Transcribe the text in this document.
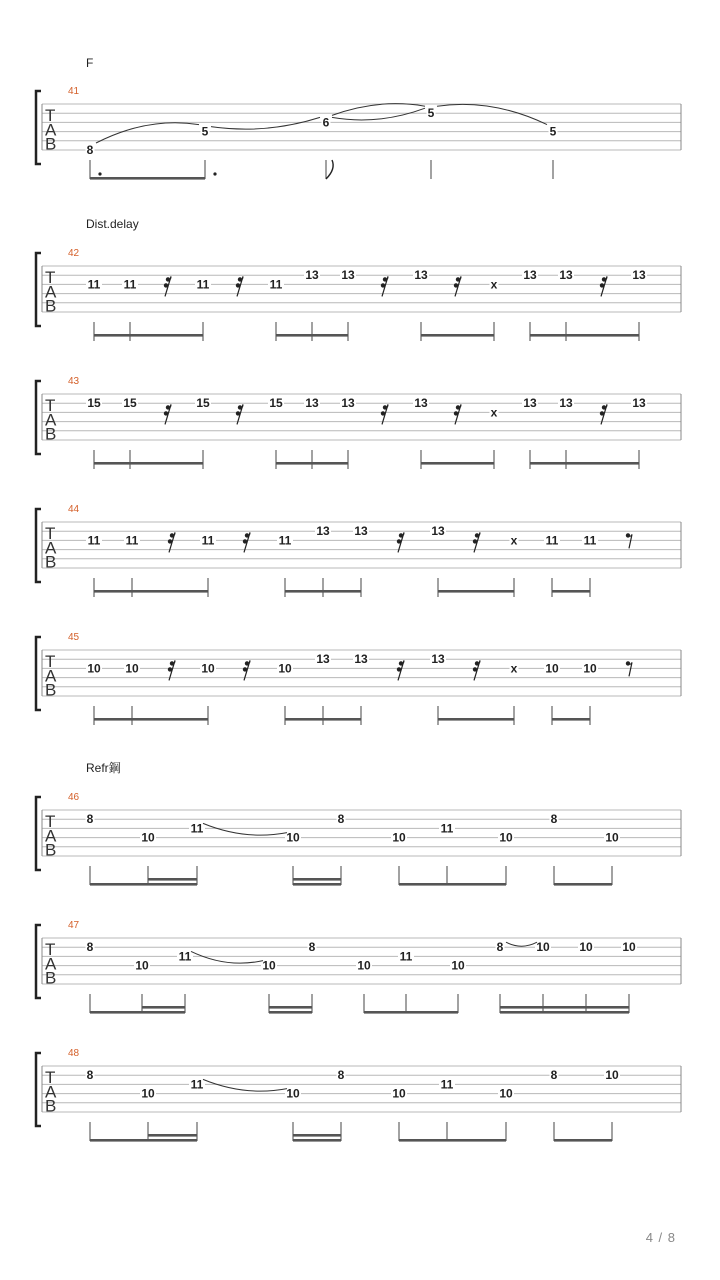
F
41
T
A
B	8
5
6
5
5
Dist.delay
42
T
A
B
11 11	11	11
13 13	13
x
13 13	13
43
T
A
B
15 15	15	15 13 13	13
x
13 13	13
44
T
A
B
11 11	11	11
13 13	13
x 11 11
45
T
A
B
10 10	10	10
13 13	13
x 10 10
Refr鋼
46
T
A
B
8
10
11
10
8
10
11
10
8
10
47
T
A
B
8
10
11
10
8
10
11
10
8	10 10 10
48
T
A
B
8
10
11
10
8
10
11
10
8	10
4 / 8
